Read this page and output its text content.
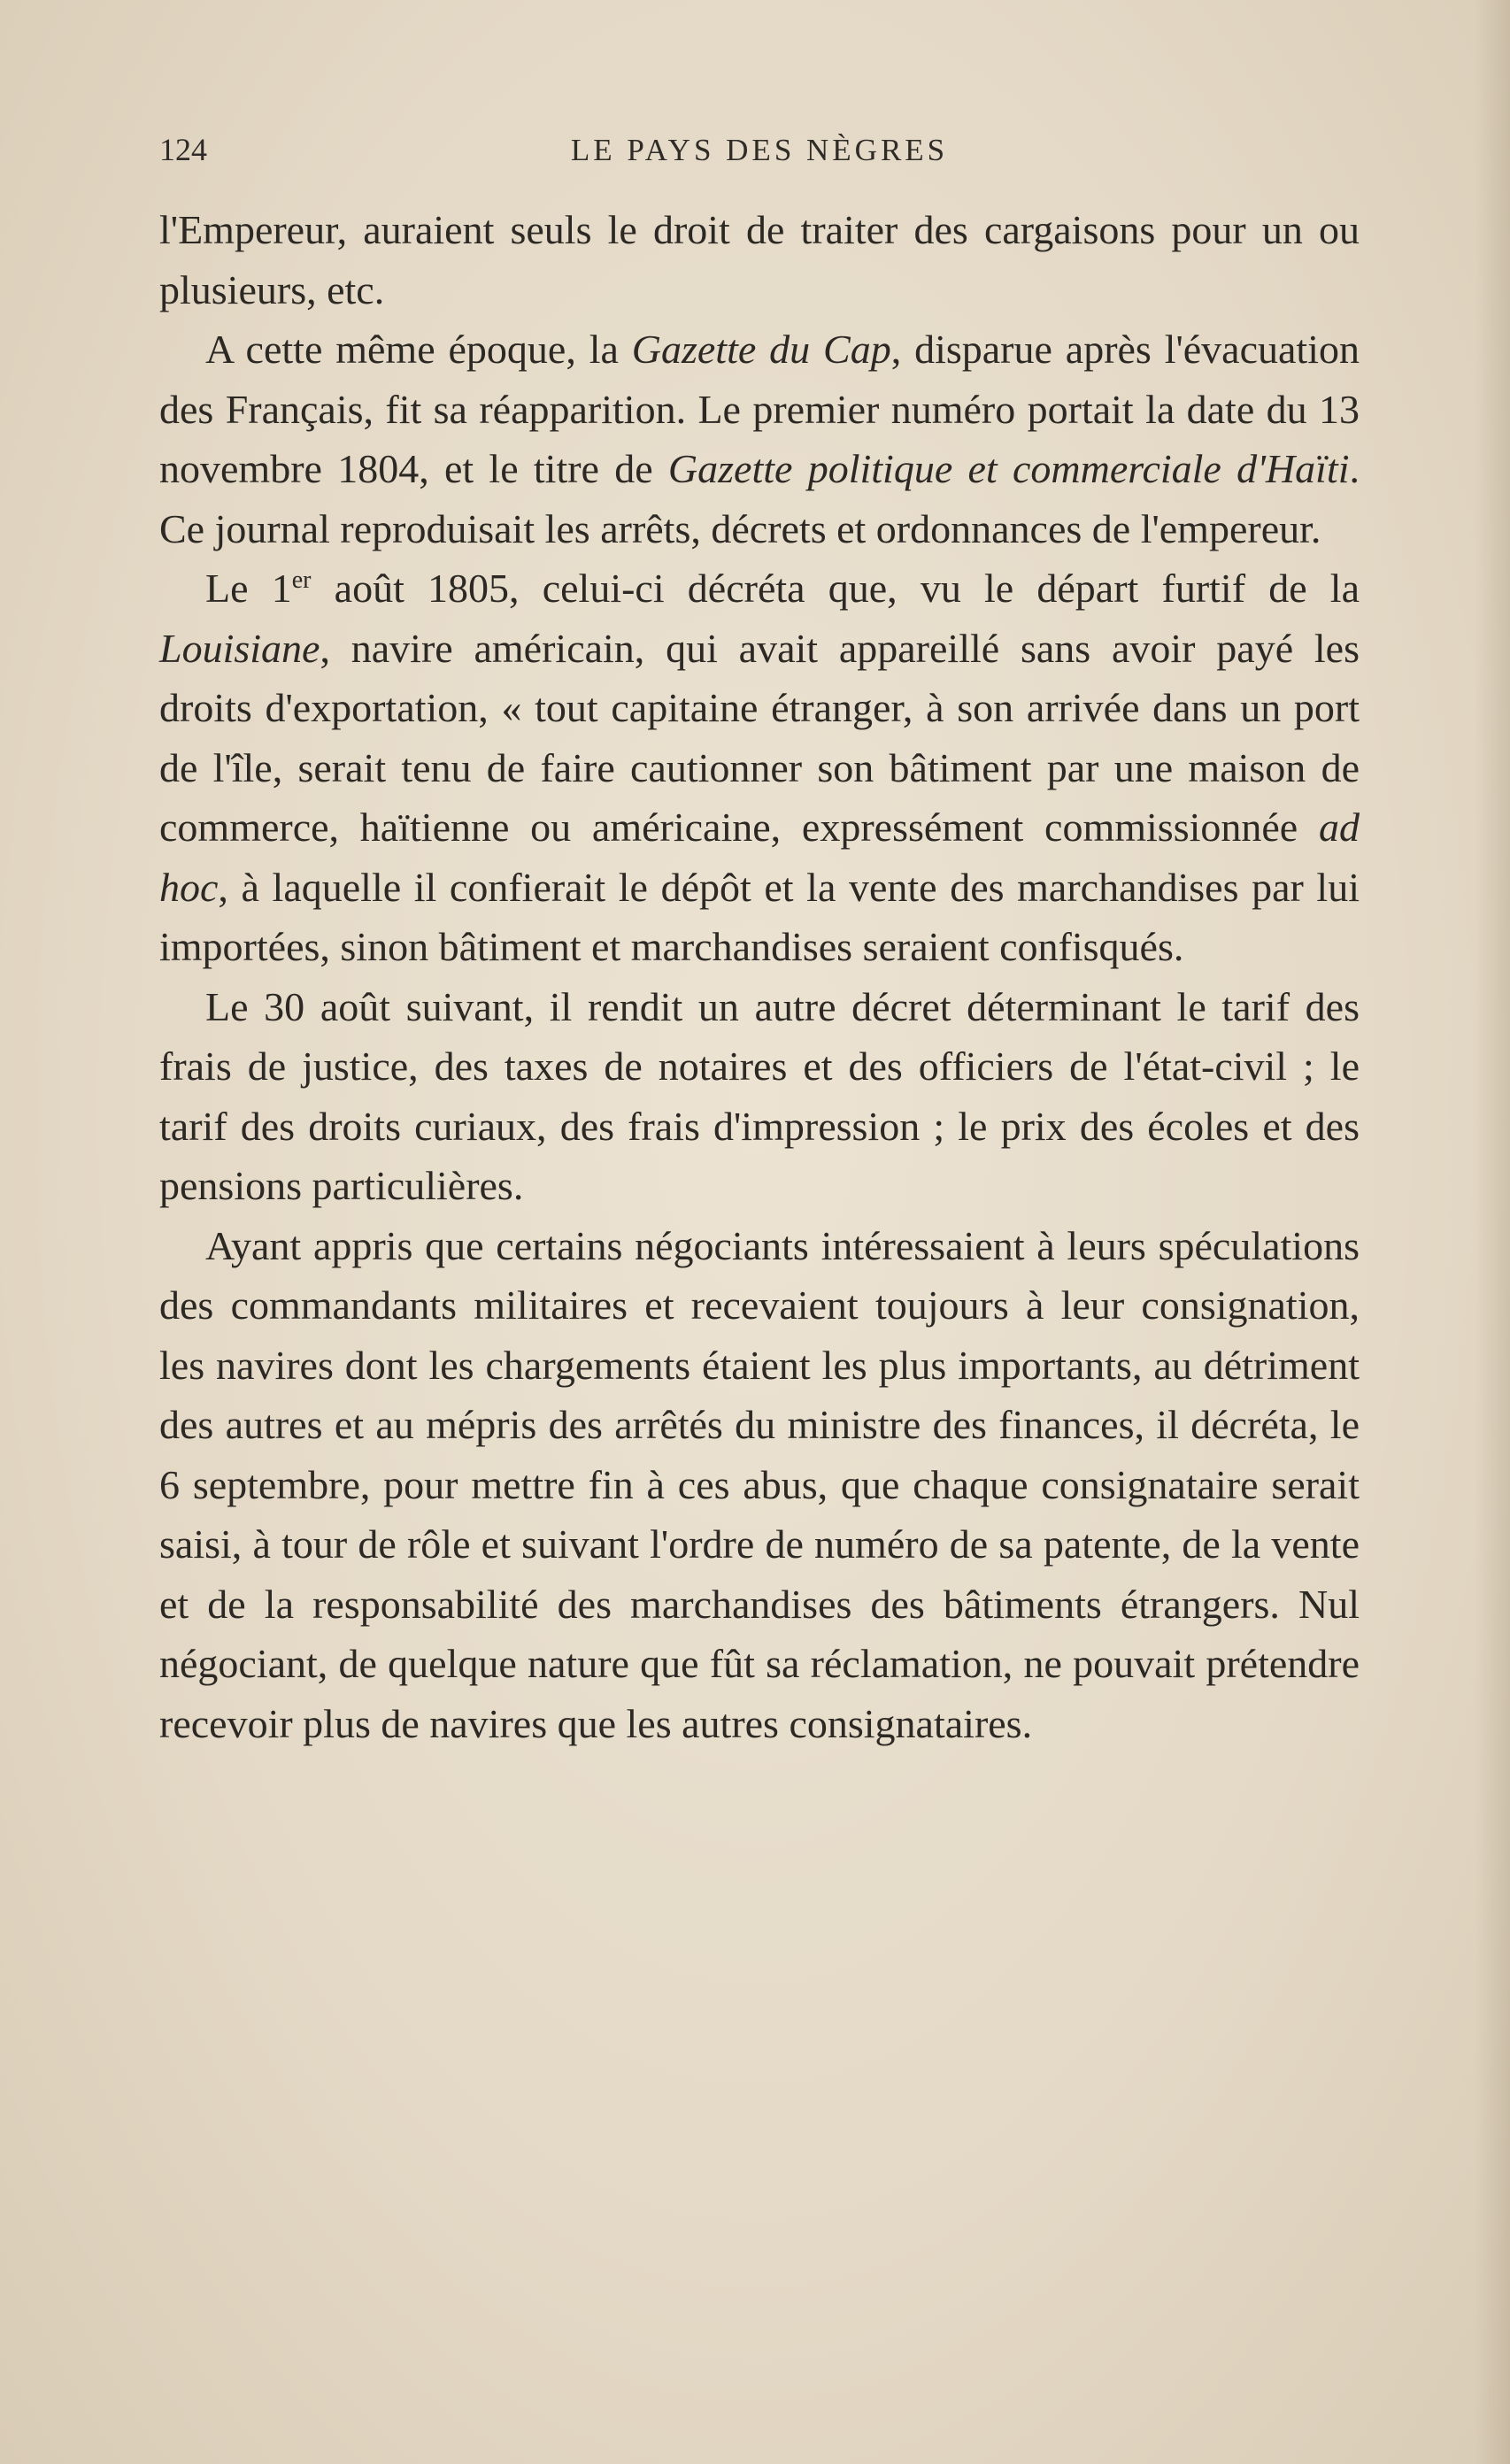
124	LE PAYS DES NÈGRES

l'Empereur, auraient seuls le droit de traiter des cargaisons pour un ou plusieurs, etc.

A cette même époque, la Gazette du Cap, disparue après l'évacuation des Français, fit sa réapparition. Le premier numéro portait la date du 13 novembre 1804, et le titre de Gazette politique et commerciale d'Haïti. Ce journal reproduisait les arrêts, décrets et ordonnances de l'empereur.

Le 1er août 1805, celui-ci décréta que, vu le départ furtif de la Louisiane, navire américain, qui avait appareillé sans avoir payé les droits d'exportation, « tout capitaine étranger, à son arrivée dans un port de l'île, serait tenu de faire cautionner son bâtiment par une maison de commerce, haïtienne ou américaine, expressément commissionnée ad hoc, à laquelle il confierait le dépôt et la vente des marchandises par lui importées, sinon bâtiment et marchandises seraient confisqués.

Le 30 août suivant, il rendit un autre décret déterminant le tarif des frais de justice, des taxes de notaires et des officiers de l'état-civil ; le tarif des droits curiaux, des frais d'impression ; le prix des écoles et des pensions particulières.

Ayant appris que certains négociants intéressaient à leurs spéculations des commandants militaires et recevaient toujours à leur consignation, les navires dont les chargements étaient les plus importants, au détriment des autres et au mépris des arrêtés du ministre des finances, il décréta, le 6 septembre, pour mettre fin à ces abus, que chaque consignataire serait saisi, à tour de rôle et suivant l'ordre de numéro de sa patente, de la vente et de la responsabilité des marchandises des bâtiments étrangers. Nul négociant, de quelque nature que fût sa réclamation, ne pouvait prétendre recevoir plus de navires que les autres consignataires.
